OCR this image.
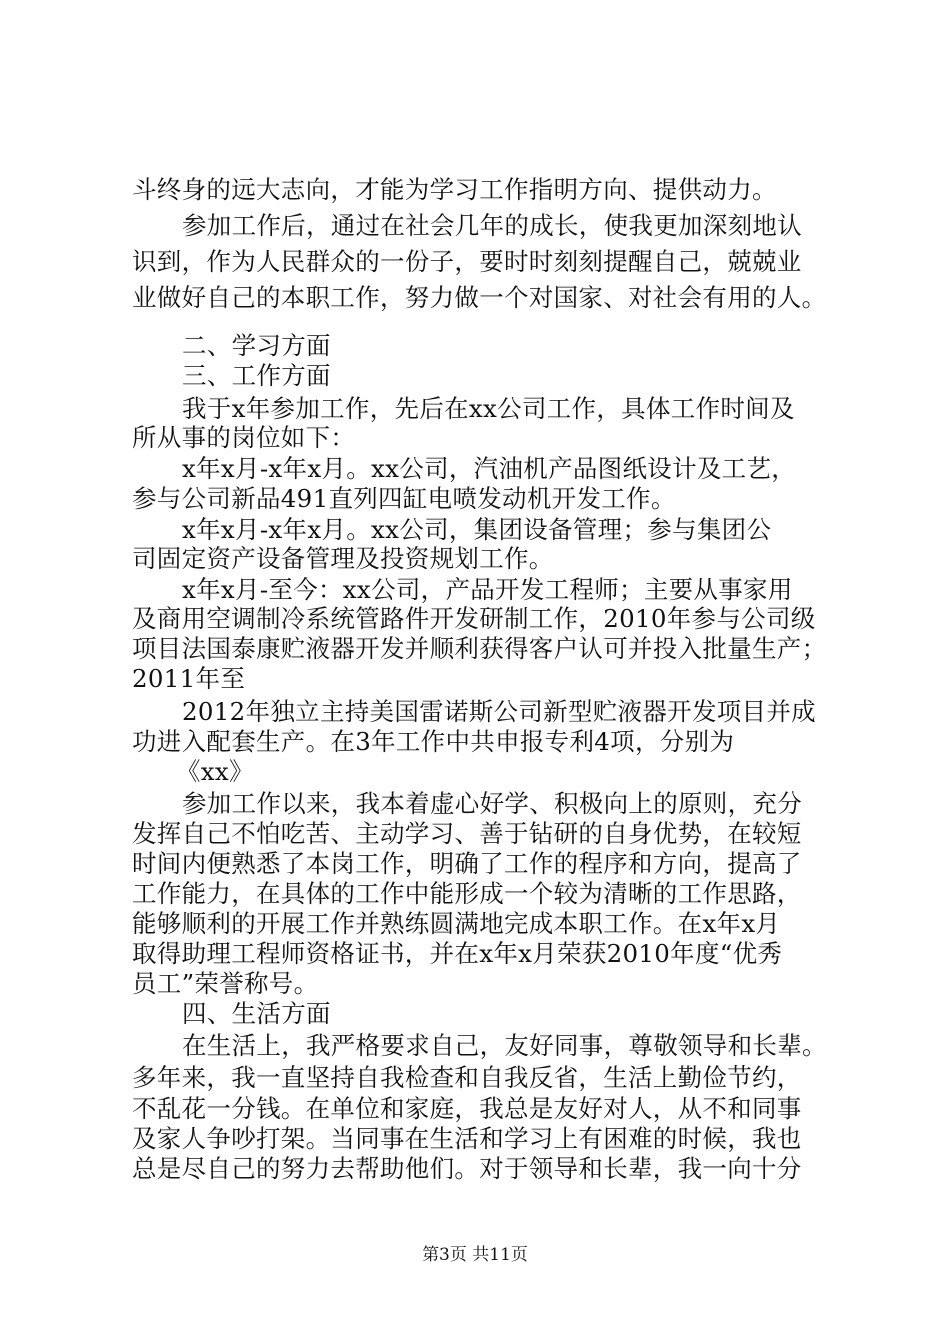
斗终身的远大志向，才能为学习工作指明方向、提供动力。
参加工作后，通过在社会几年的成长，使我更加深刻地认
识到，作为人民群众的一份子，要时时刻刻提醒自己，兢兢业
业做好自己的本职工作，努力做一个对国家、对社会有用的人。
二、学习方面
三、工作方面
我于x年参加工作，先后在xx公司工作，具体工作时间及
所从事的岗位如下：
x年x月-x年x月。xx公司，汽油机产品图纸设计及工艺，
参与公司新品491直列四缸电喷发动机开发工作。
x年x月-x年x月。xx公司，集团设备管理；参与集团公
司固定资产设备管理及投资规划工作。
x年x月-至今：xx公司，产品开发工程师；主要从事家用
及商用空调制冷系统管路件开发研制工作，2010年参与公司级
项目法国泰康贮液器开发并顺利获得客户认可并投入批量生产；
2011年至
2012年独立主持美国雷诺斯公司新型贮液器开发项目并成
功进入配套生产。在3年工作中共申报专利4项，分别为
《xx》
参加工作以来，我本着虚心好学、积极向上的原则，充分
发挥自己不怕吃苦、主动学习、善于钻研的自身优势，在较短
时间内便熟悉了本岗工作，明确了工作的程序和方向，提高了
工作能力，在具体的工作中能形成一个较为清晰的工作思路，
能够顺利的开展工作并熟练圆满地完成本职工作。在x年x月
取得助理工程师资格证书，并在x年x月荣获2010年度“优秀
员工”荣誉称号。
四、生活方面
在生活上，我严格要求自己，友好同事，尊敬领导和长辈。
多年来，我一直坚持自我检查和自我反省，生活上勤俭节约，
不乱花一分钱。在单位和家庭，我总是友好对人，从不和同事
及家人争吵打架。当同事在生活和学习上有困难的时候，我也
总是尽自己的努力去帮助他们。对于领导和长辈，我一向十分
第3页 共11页
